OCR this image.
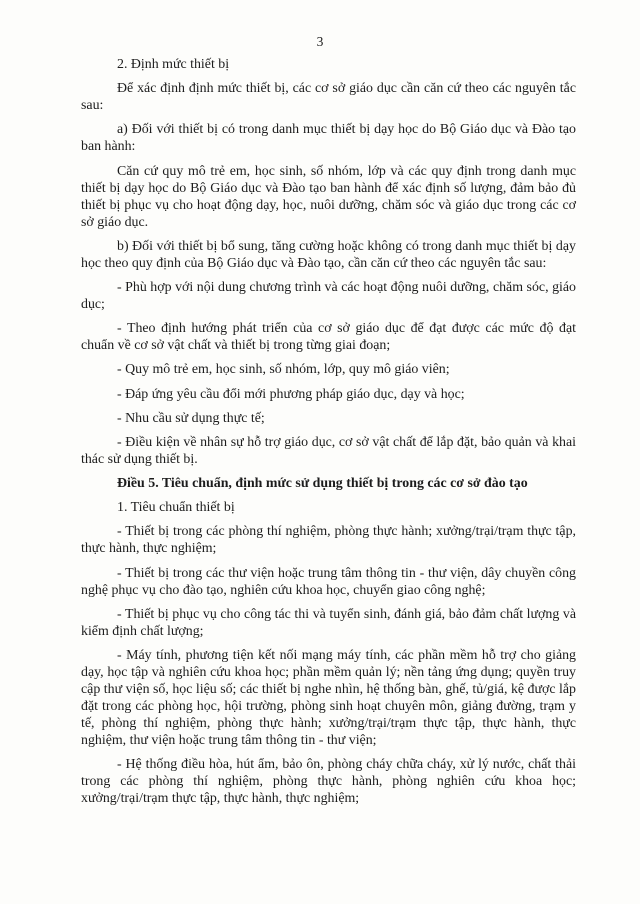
3

2. Định mức thiết bị

Để xác định định mức thiết bị, các cơ sở giáo dục cần căn cứ theo các nguyên tắc sau:

a) Đối với thiết bị có trong danh mục thiết bị dạy học do Bộ Giáo dục và Đào tạo ban hành:

Căn cứ quy mô trẻ em, học sinh, số nhóm, lớp và các quy định trong danh mục thiết bị dạy học do Bộ Giáo dục và Đào tạo ban hành để xác định số lượng, đảm bảo đủ thiết bị phục vụ cho hoạt động dạy, học, nuôi dưỡng, chăm sóc và giáo dục trong các cơ sở giáo dục.

b) Đối với thiết bị bổ sung, tăng cường hoặc không có trong danh mục thiết bị dạy học theo quy định của Bộ Giáo dục và Đào tạo, cần căn cứ theo các nguyên tắc sau:

- Phù hợp với nội dung chương trình và các hoạt động nuôi dưỡng, chăm sóc, giáo dục;

- Theo định hướng phát triển của cơ sở giáo dục để đạt được các mức độ đạt chuẩn về cơ sở vật chất và thiết bị trong từng giai đoạn;

- Quy mô trẻ em, học sinh, số nhóm, lớp, quy mô giáo viên;

- Đáp ứng yêu cầu đổi mới phương pháp giáo dục, dạy và học;

- Nhu cầu sử dụng thực tế;

- Điều kiện về nhân sự hỗ trợ giáo dục, cơ sở vật chất để lắp đặt, bảo quản và khai thác sử dụng thiết bị.

Điều 5. Tiêu chuẩn, định mức sử dụng thiết bị trong các cơ sở đào tạo

1. Tiêu chuẩn thiết bị

- Thiết bị trong các phòng thí nghiệm, phòng thực hành; xưởng/trại/trạm thực tập, thực hành, thực nghiệm;

- Thiết bị trong các thư viện hoặc trung tâm thông tin - thư viện, dây chuyền công nghệ phục vụ cho đào tạo, nghiên cứu khoa học, chuyển giao công nghệ;

- Thiết bị phục vụ cho công tác thi và tuyển sinh, đánh giá, bảo đảm chất lượng và kiểm định chất lượng;

- Máy tính, phương tiện kết nối mạng máy tính, các phần mềm hỗ trợ cho giảng dạy, học tập và nghiên cứu khoa học; phần mềm quản lý; nền tảng ứng dụng; quyền truy cập thư viện số, học liệu số; các thiết bị nghe nhìn, hệ thống bàn, ghế, tủ/giá, kệ được lắp đặt trong các phòng học, hội trường, phòng sinh hoạt chuyên môn, giảng đường, trạm y tế, phòng thí nghiệm, phòng thực hành; xưởng/trại/trạm thực tập, thực hành, thực nghiệm, thư viện hoặc trung tâm thông tin - thư viện;

- Hệ thống điều hòa, hút ẩm, bảo ôn, phòng cháy chữa cháy, xử lý nước, chất thải trong các phòng thí nghiệm, phòng thực hành, phòng nghiên cứu khoa học; xưởng/trại/trạm thực tập, thực hành, thực nghiệm;
